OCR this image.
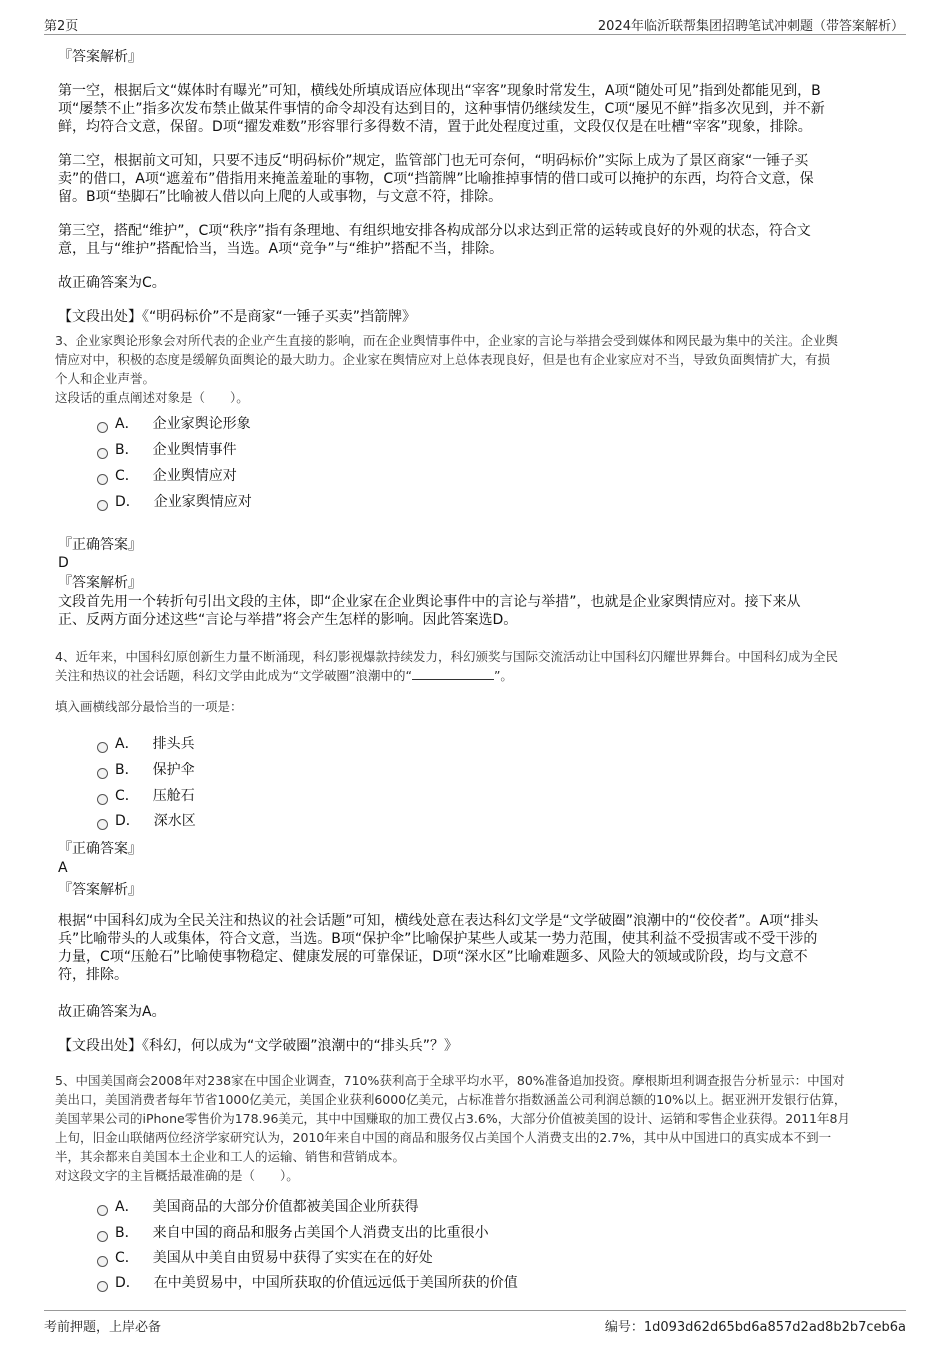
第2页	2024年临沂联帮集团招聘笔试冲刺题（带答案解析）
『答案解析』
第一空，根据后文“媒体时有曝光”可知，横线处所填成语应体现出“宰客”现象时常发生，A项“随处可见”指到处都能见到，B
项“屡禁不止”指多次发布禁止做某件事情的命令却没有达到目的，这种事情仍继续发生，C项“屡见不鲜”指多次见到，并不新
鲜，均符合文意，保留。D项“擢发难数”形容罪行多得数不清，置于此处程度过重，文段仅仅是在吐槽“宰客”现象，排除。
第二空，根据前文可知，只要不违反“明码标价”规定，监管部门也无可奈何，“明码标价”实际上成为了景区商家“一锤子买
卖”的借口，A项“遮羞布”借指用来掩盖羞耻的事物，C项“挡箭牌”比喻推掉事情的借口或可以掩护的东西，均符合文意，保
留。B项“垫脚石”比喻被人借以向上爬的人或事物，与文意不符，排除。
第三空，搭配“维护”，C项“秩序”指有条理地、有组织地安排各构成部分以求达到正常的运转或良好的外观的状态，符合文
意，且与“维护”搭配恰当，当选。A项“竞争”与“维护”搭配不当，排除。
故正确答案为C。
【文段出处】《“明码标价”不是商家“一锤子买卖”挡箭牌》
3、企业家舆论形象会对所代表的企业产生直接的影响，而在企业舆情事件中，企业家的言论与举措会受到媒体和网民最为集中的关注。企业舆
情应对中，积极的态度是缓解负面舆论的最大助力。企业家在舆情应对上总体表现良好，但是也有企业家应对不当，导致负面舆情扩大，有损
个人和企业声誉。
这段话的重点阐述对象是（　　）。
A． 企业家舆论形象
B． 企业舆情事件
C． 企业舆情应对
D． 企业家舆情应对
『正确答案』
D
『答案解析』
文段首先用一个转折句引出文段的主体，即“企业家在企业舆论事件中的言论与举措”，也就是企业家舆情应对。接下来从
正、反两方面分述这些“言论与举措”将会产生怎样的影响。因此答案选D。
4、近年来，中国科幻原创新生力量不断涌现，科幻影视爆款持续发力，科幻颁奖与国际交流活动让中国科幻闪耀世界舞台。中国科幻成为全民
关注和热议的社会话题，科幻文学由此成为“文学破圈”浪潮中的“	”。
填入画横线部分最恰当的一项是：
A． 排头兵
B． 保护伞
C． 压舱石
D． 深水区
『正确答案』
A
『答案解析』
根据“中国科幻成为全民关注和热议的社会话题”可知，横线处意在表达科幻文学是“文学破圈”浪潮中的“佼佼者”。A项“排头
兵”比喻带头的人或集体，符合文意，当选。B项“保护伞”比喻保护某些人或某一势力范围，使其利益不受损害或不受干涉的
力量，C项“压舱石”比喻使事物稳定、健康发展的可靠保证，D项“深水区”比喻难题多、风险大的领域或阶段，均与文意不
符，排除。
故正确答案为A。
【文段出处】《科幻，何以成为“文学破圈”浪潮中的“排头兵”？》
5、中国美国商会2008年对238家在中国企业调查，710%获利高于全球平均水平，80%准备追加投资。摩根斯坦利调查报告分析显示：中国对
美出口，美国消费者每年节省1000亿美元，美国企业获利6000亿美元，占标准普尔指数涵盖公司利润总额的10%以上。据亚洲开发银行估算，
美国苹果公司的iPhone零售价为178.96美元，其中中国赚取的加工费仅占3.6%，大部分价值被美国的设计、运销和零售企业获得。2011年8月
上旬，旧金山联储两位经济学家研究认为，2010年来自中国的商品和服务仅占美国个人消费支出的2.7%，其中从中国进口的真实成本不到一
半，其余都来自美国本土企业和工人的运输、销售和营销成本。
对这段文字的主旨概括最准确的是（　　）。
A． 美国商品的大部分价值都被美国企业所获得
B． 来自中国的商品和服务占美国个人消费支出的比重很小
C． 美国从中美自由贸易中获得了实实在在的好处
D． 在中美贸易中，中国所获取的价值远远低于美国所获的价值
考前押题，上岸必备	编号：1d093d62d65bd6a857d2ad8b2b7ceb6a
